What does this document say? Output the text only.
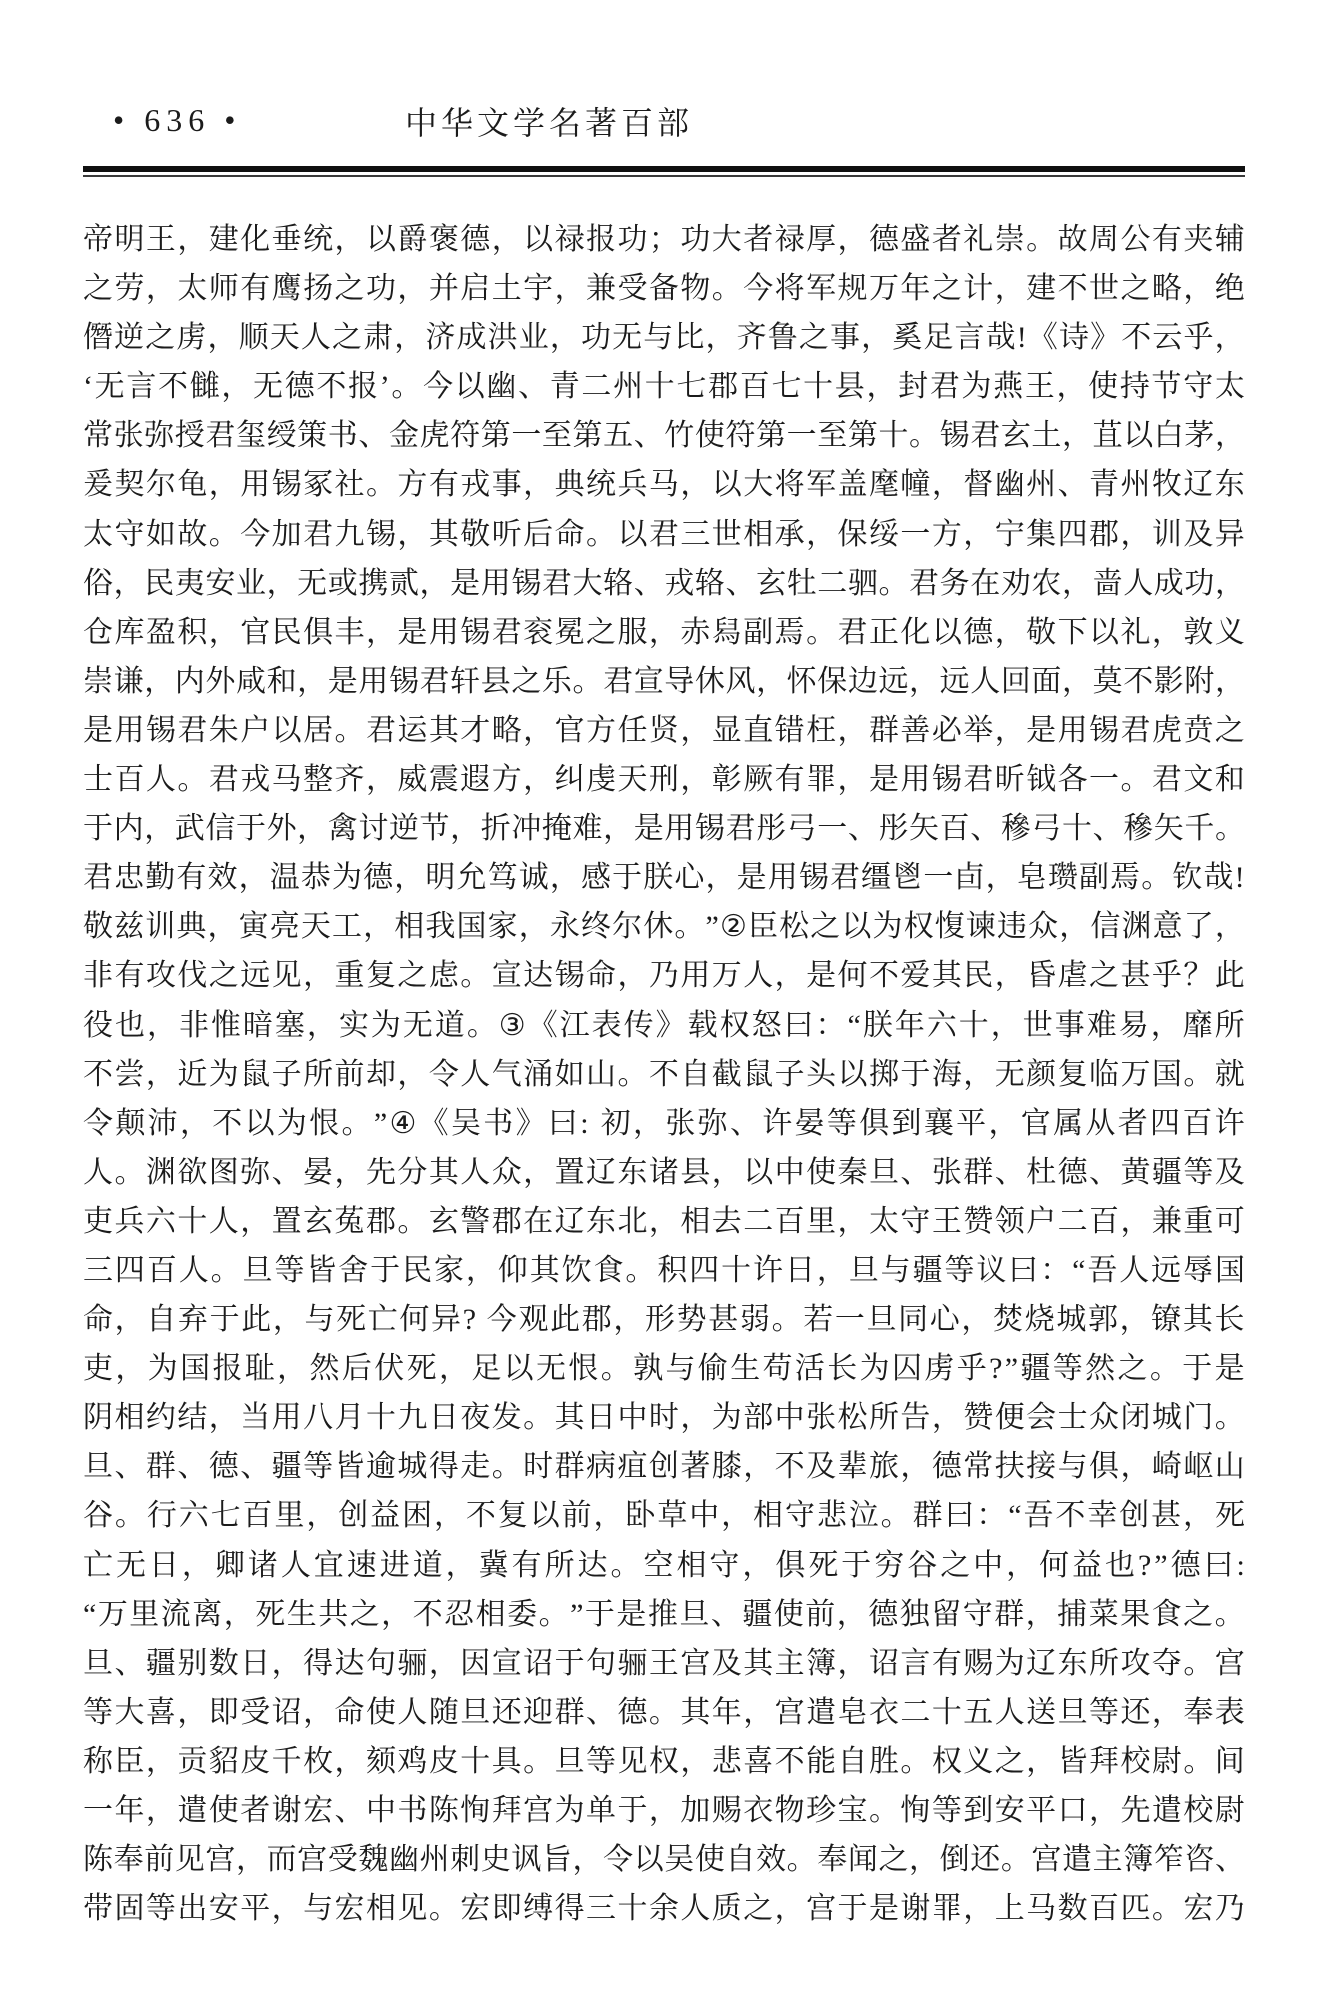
• 636 •	中华文学名著百部
帝 明 王 ， 建 化 垂 统 ， 以 爵 褒 德 ， 以 禄 报 功 ； 功 大 者 禄 厚 ， 德 盛 者 礼 崇 。 故 周 公 有 夹 辅
之 劳 ， 太 师 有 鹰 扬 之 功 ， 并 启 土 宇 ， 兼 受 备 物 。 今 将 军 规 万 年 之 计 ， 建 不 世 之 略 ， 绝
僭 逆 之 虏 ， 顺 天 人 之 肃 ， 济 成 洪 业 ， 功 无 与 比 ， 齐 鲁 之 事 ， 奚 足 言 哉 ! 《 诗 》 不 云 乎 ，
‘ 无 言 不 雠 ， 无 德 不 报 ’ 。 今 以 幽 、 青 二 州 十 七 郡 百 七 十 县 ， 封 君 为 燕 王 ， 使 持 节 守 太
常 张 弥 授 君 玺 绶 策 书 、 金 虎 符 第 一 至 第 五 、 竹 使 符 第 一 至 第 十 。 锡 君 玄 土 ， 苴 以 白 茅 ，
爰 契 尔 龟 ， 用 锡 冢 社 。 方 有 戎 事 ， 典 统 兵 马 ， 以 大 将 军 盖 麾 幢 ， 督 幽 州 、 青 州 牧 辽 东
太 守 如 故 。 今 加 君 九 锡 ， 其 敬 听 后 命 。 以 君 三 世 相 承 ， 保 绥 一 方 ， 宁 集 四 郡 ， 训 及 异
俗 ， 民 夷 安 业 ， 无 或 携 贰 ， 是 用 锡 君 大 辂 、 戎 辂 、 玄 牡 二 驷 。 君 务 在 劝 农 ， 啬 人 成 功 ，
仓 库 盈 积 ， 官 民 俱 丰 ， 是 用 锡 君 衮 冕 之 服 ， 赤 舄 副 焉 。 君 正 化 以 德 ， 敬 下 以 礼 ， 敦 义
崇 谦 ， 内 外 咸 和 ， 是 用 锡 君 轩 县 之 乐 。 君 宣 导 休 风 ， 怀 保 边 远 ， 远 人 回 面 ， 莫 不 影 附 ，
是 用 锡 君 朱 户 以 居 。 君 运 其 才 略 ， 官 方 任 贤 ， 显 直 错 枉 ， 群 善 必 举 ， 是 用 锡 君 虎 贲 之
士 百 人 。 君 戎 马 整 齐 ， 威 震 遐 方 ， 纠 虔 天 刑 ， 彰 厥 有 罪 ， 是 用 锡 君 昕 钺 各 一 。 君 文 和
于 内 ， 武 信 于 外 ， 禽 讨 逆 节 ， 折 冲 掩 难 ， 是 用 锡 君 彤 弓 一 、 彤 矢 百 、 穇 弓 十 、 穇 矢 千 。
君 忠 勤 有 效 ， 温 恭 为 德 ， 明 允 笃 诚 ， 感 于 朕 心 ， 是 用 锡 君 缰 鬯 一 卣 ， 皂 瓒 副 焉 。 钦 哉 !
敬 兹 训 典 ， 寅 亮 天 工 ， 相 我 国 家 ， 永 终 尔 休 。 ” ② 臣 松 之 以 为 权 愎 谏 违 众 ， 信 渊 意 了 ，
非 有 攻 伐 之 远 见 ， 重 复 之 虑 。 宣 达 锡 命 ， 乃 用 万 人 ， 是 何 不 爱 其 民 ， 昏 虐 之 甚 乎 ？ 此
役 也 ， 非 惟 暗 塞 ， 实 为 无 道 。 ③ 《 江 表 传 》 载 权 怒 曰 ： “ 朕 年 六 十 ， 世 事 难 易 ， 靡 所
不 尝 ， 近 为 鼠 子 所 前 却 ， 令 人 气 涌 如 山 。 不 自 截 鼠 子 头 以 掷 于 海 ， 无 颜 复 临 万 国 。 就
令 颠 沛 ， 不 以 为 恨 。 ” ④ 《 吴 书 》 曰 :
初 ， 张 弥 、 许 晏 等 俱 到 襄 平 ， 官 属 从 者 四 百 许
人 。 渊 欲 图 弥 、 晏 ， 先 分 其 人 众 ， 置 辽 东 诸 县 ， 以 中 使 秦 旦 、 张 群 、 杜 德 、 黄 疆 等 及
吏 兵 六 十 人 ， 置 玄 菟 郡 。 玄 警 郡 在 辽 东 北 ， 相 去 二 百 里 ， 太 守 王 赞 领 户 二 百 ， 兼 重 可
三 四 百 人 。 旦 等 皆 舍 于 民 家 ， 仰 其 饮 食 。 积 四 十 许 日 ， 旦 与 疆 等 议 曰 ： “ 吾 人 远 辱 国
命 ， 自 弃 于 此 ， 与 死 亡 何 异 ?
今 观 此 郡 ， 形 势 甚 弱 。 若 一 旦 同 心 ， 焚 烧 城 郭 ， 镣 其 长
吏 ， 为 国 报 耻 ， 然 后 伏 死 ， 足 以 无 恨 。 孰 与 偷 生 苟 活 长 为 囚 虏 乎 ? ” 疆 等 然 之 。 于 是
阴 相 约 结 ， 当 用 八 月 十 九 日 夜 发 。 其 日 中 时 ， 为 部 中 张 松 所 告 ， 赞 便 会 士 众 闭 城 门 。
旦 、 群 、 德 、 疆 等 皆 逾 城 得 走 。 时 群 病 疽 创 著 膝 ， 不 及 辈 旅 ， 德 常 扶 接 与 俱 ， 崎 岖 山
谷 。 行 六 七 百 里 ， 创 益 困 ， 不 复 以 前 ， 卧 草 中 ， 相 守 悲 泣 。 群 曰 ： “ 吾 不 幸 创 甚 ， 死
亡 无 日 ， 卿 诸 人 宜 速 进 道 ， 冀 有 所 达 。 空 相 守 ， 俱 死 于 穷 谷 之 中 ， 何 益 也 ? ” 德 曰 :
“ 万 里 流 离 ， 死 生 共 之 ， 不 忍 相 委 。 ” 于 是 推 旦 、 疆 使 前 ， 德 独 留 守 群 ， 捕 菜 果 食 之 。
旦 、 疆 别 数 日 ， 得 达 句 骊 ， 因 宣 诏 于 句 骊 王 宫 及 其 主 簿 ， 诏 言 有 赐 为 辽 东 所 攻 夺 。 宫
等 大 喜 ， 即 受 诏 ， 命 使 人 随 旦 还 迎 群 、 德 。 其 年 ， 宫 遣 皂 衣 二 十 五 人 送 旦 等 还 ， 奉 表
称 臣 ， 贡 貂 皮 千 枚 ， 颏 鸡 皮 十 具 。 旦 等 见 权 ， 悲 喜 不 能 自 胜 。 权 义 之 ， 皆 拜 校 尉 。 间
一 年 ， 遣 使 者 谢 宏 、 中 书 陈 恂 拜 宫 为 单 于 ， 加 赐 衣 物 珍 宝 。 恂 等 到 安 平 口 ， 先 遣 校 尉
陈 奉 前 见 宫 ， 而 宫 受 魏 幽 州 刺 史 讽 旨 ， 令 以 吴 使 自 效 。 奉 闻 之 ， 倒 还 。 宫 遣 主 簿 笮 咨 、
带 固 等 出 安 平 ， 与 宏 相 见 。 宏 即 缚 得 三 十 余 人 质 之 ， 宫 于 是 谢 罪 ， 上 马 数 百 匹 。 宏 乃
